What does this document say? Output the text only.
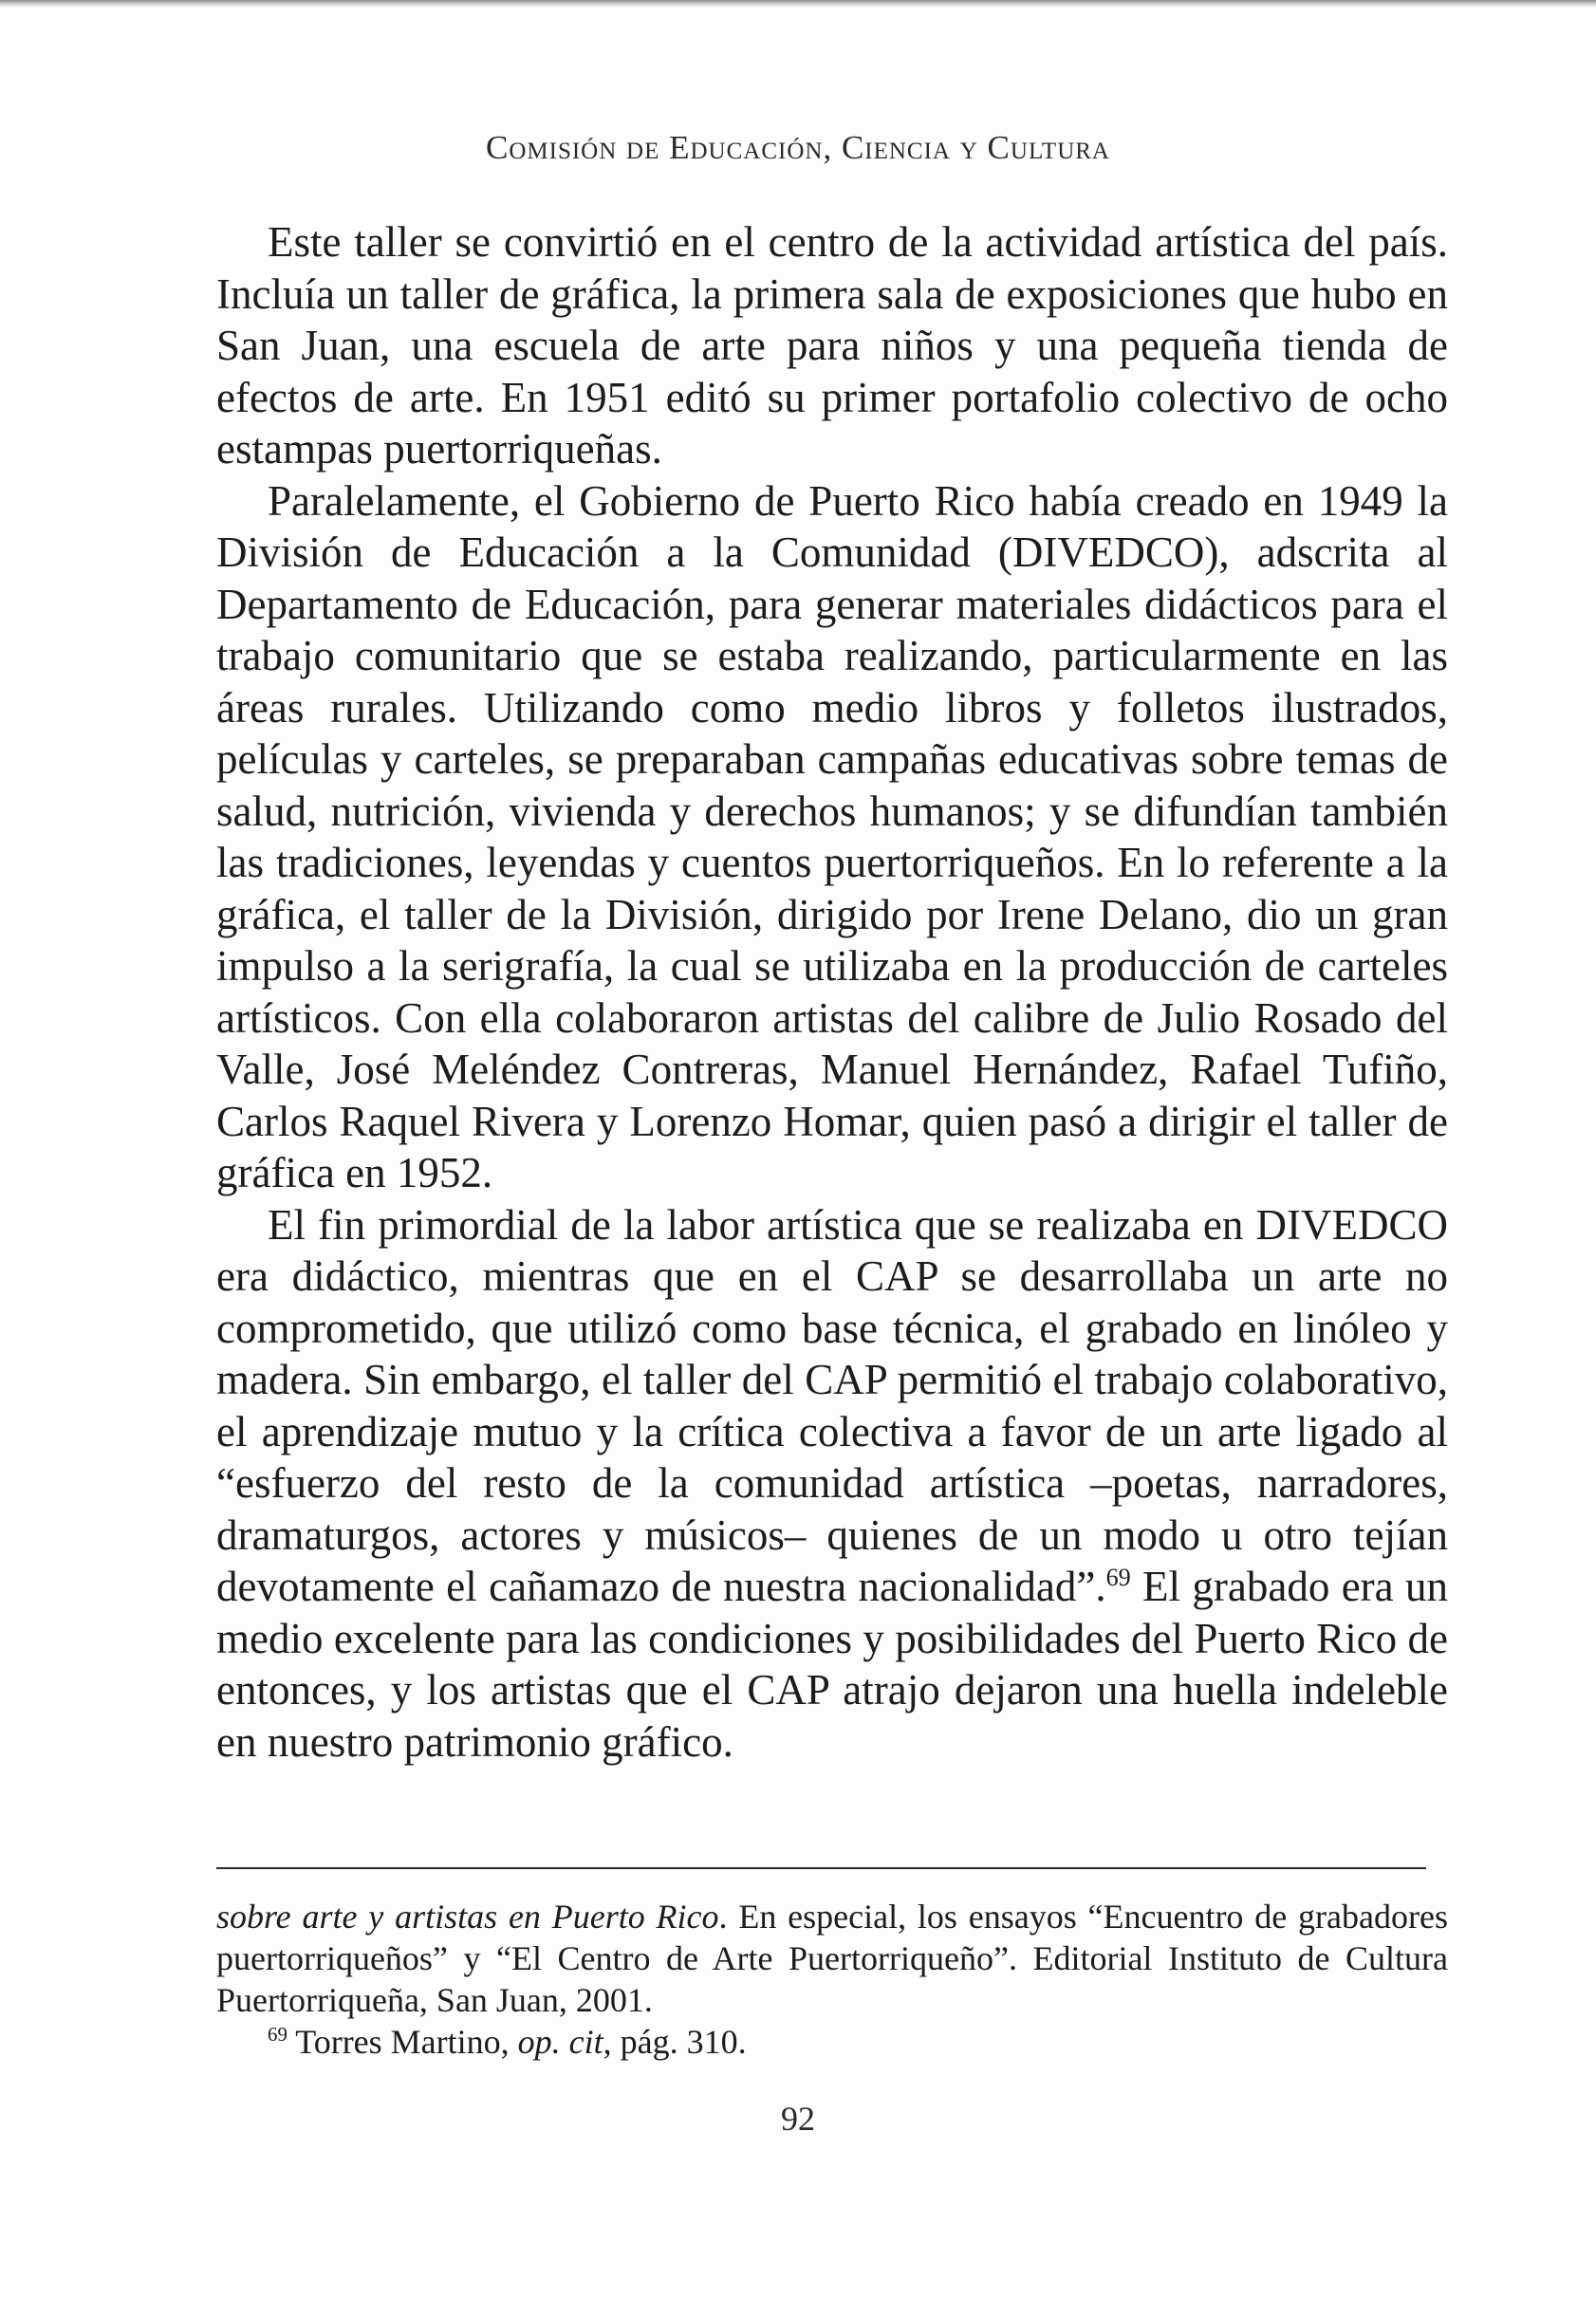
Comisión de Educación, Ciencia y Cultura

Este taller se convirtió en el centro de la actividad artística del país. Incluía un taller de gráfica, la primera sala de exposiciones que hubo en San Juan, una escuela de arte para niños y una pequeña tienda de efectos de arte. En 1951 editó su primer portafolio colectivo de ocho estampas puertorriqueñas.

Paralelamente, el Gobierno de Puerto Rico había creado en 1949 la División de Educación a la Comunidad (DIVEDCO), adscrita al Departamento de Educación, para generar materiales didácticos para el trabajo comunitario que se estaba realizando, particularmente en las áreas rurales. Utilizando como medio libros y folletos ilustrados, películas y carteles, se preparaban campañas educativas sobre temas de salud, nutrición, vivienda y derechos humanos; y se difundían también las tradiciones, leyendas y cuentos puertorriqueños. En lo referente a la gráfica, el taller de la División, dirigido por Irene Delano, dio un gran impulso a la serigrafía, la cual se utilizaba en la producción de carteles artísticos. Con ella colaboraron artistas del calibre de Julio Rosado del Valle, José Meléndez Contreras, Manuel Hernández, Rafael Tufiño, Carlos Raquel Rivera y Lorenzo Homar, quien pasó a dirigir el taller de gráfica en 1952.

El fin primordial de la labor artística que se realizaba en DIVEDCO era didáctico, mientras que en el CAP se desarrollaba un arte no comprometido, que utilizó como base técnica, el grabado en linóleo y madera. Sin embargo, el taller del CAP permitió el trabajo colaborativo, el aprendizaje mutuo y la crítica colectiva a favor de un arte ligado al “esfuerzo del resto de la comunidad artística –poetas, narradores, dramaturgos, actores y músicos– quienes de un modo u otro tejían devotamente el cañamazo de nuestra nacionalidad”.$^{69}$ El grabado era un medio excelente para las condiciones y posibilidades del Puerto Rico de entonces, y los artistas que el CAP atrajo dejaron una huella indeleble en nuestro patrimonio gráfico.

sobre arte y artistas en Puerto Rico. En especial, los ensayos “Encuentro de grabadores puertorriqueños” y “El Centro de Arte Puertorriqueño”. Editorial Instituto de Cultura Puertorriqueña, San Juan, 2001.

$^{69}$ Torres Martino, op. cit, pág. 310.

92
